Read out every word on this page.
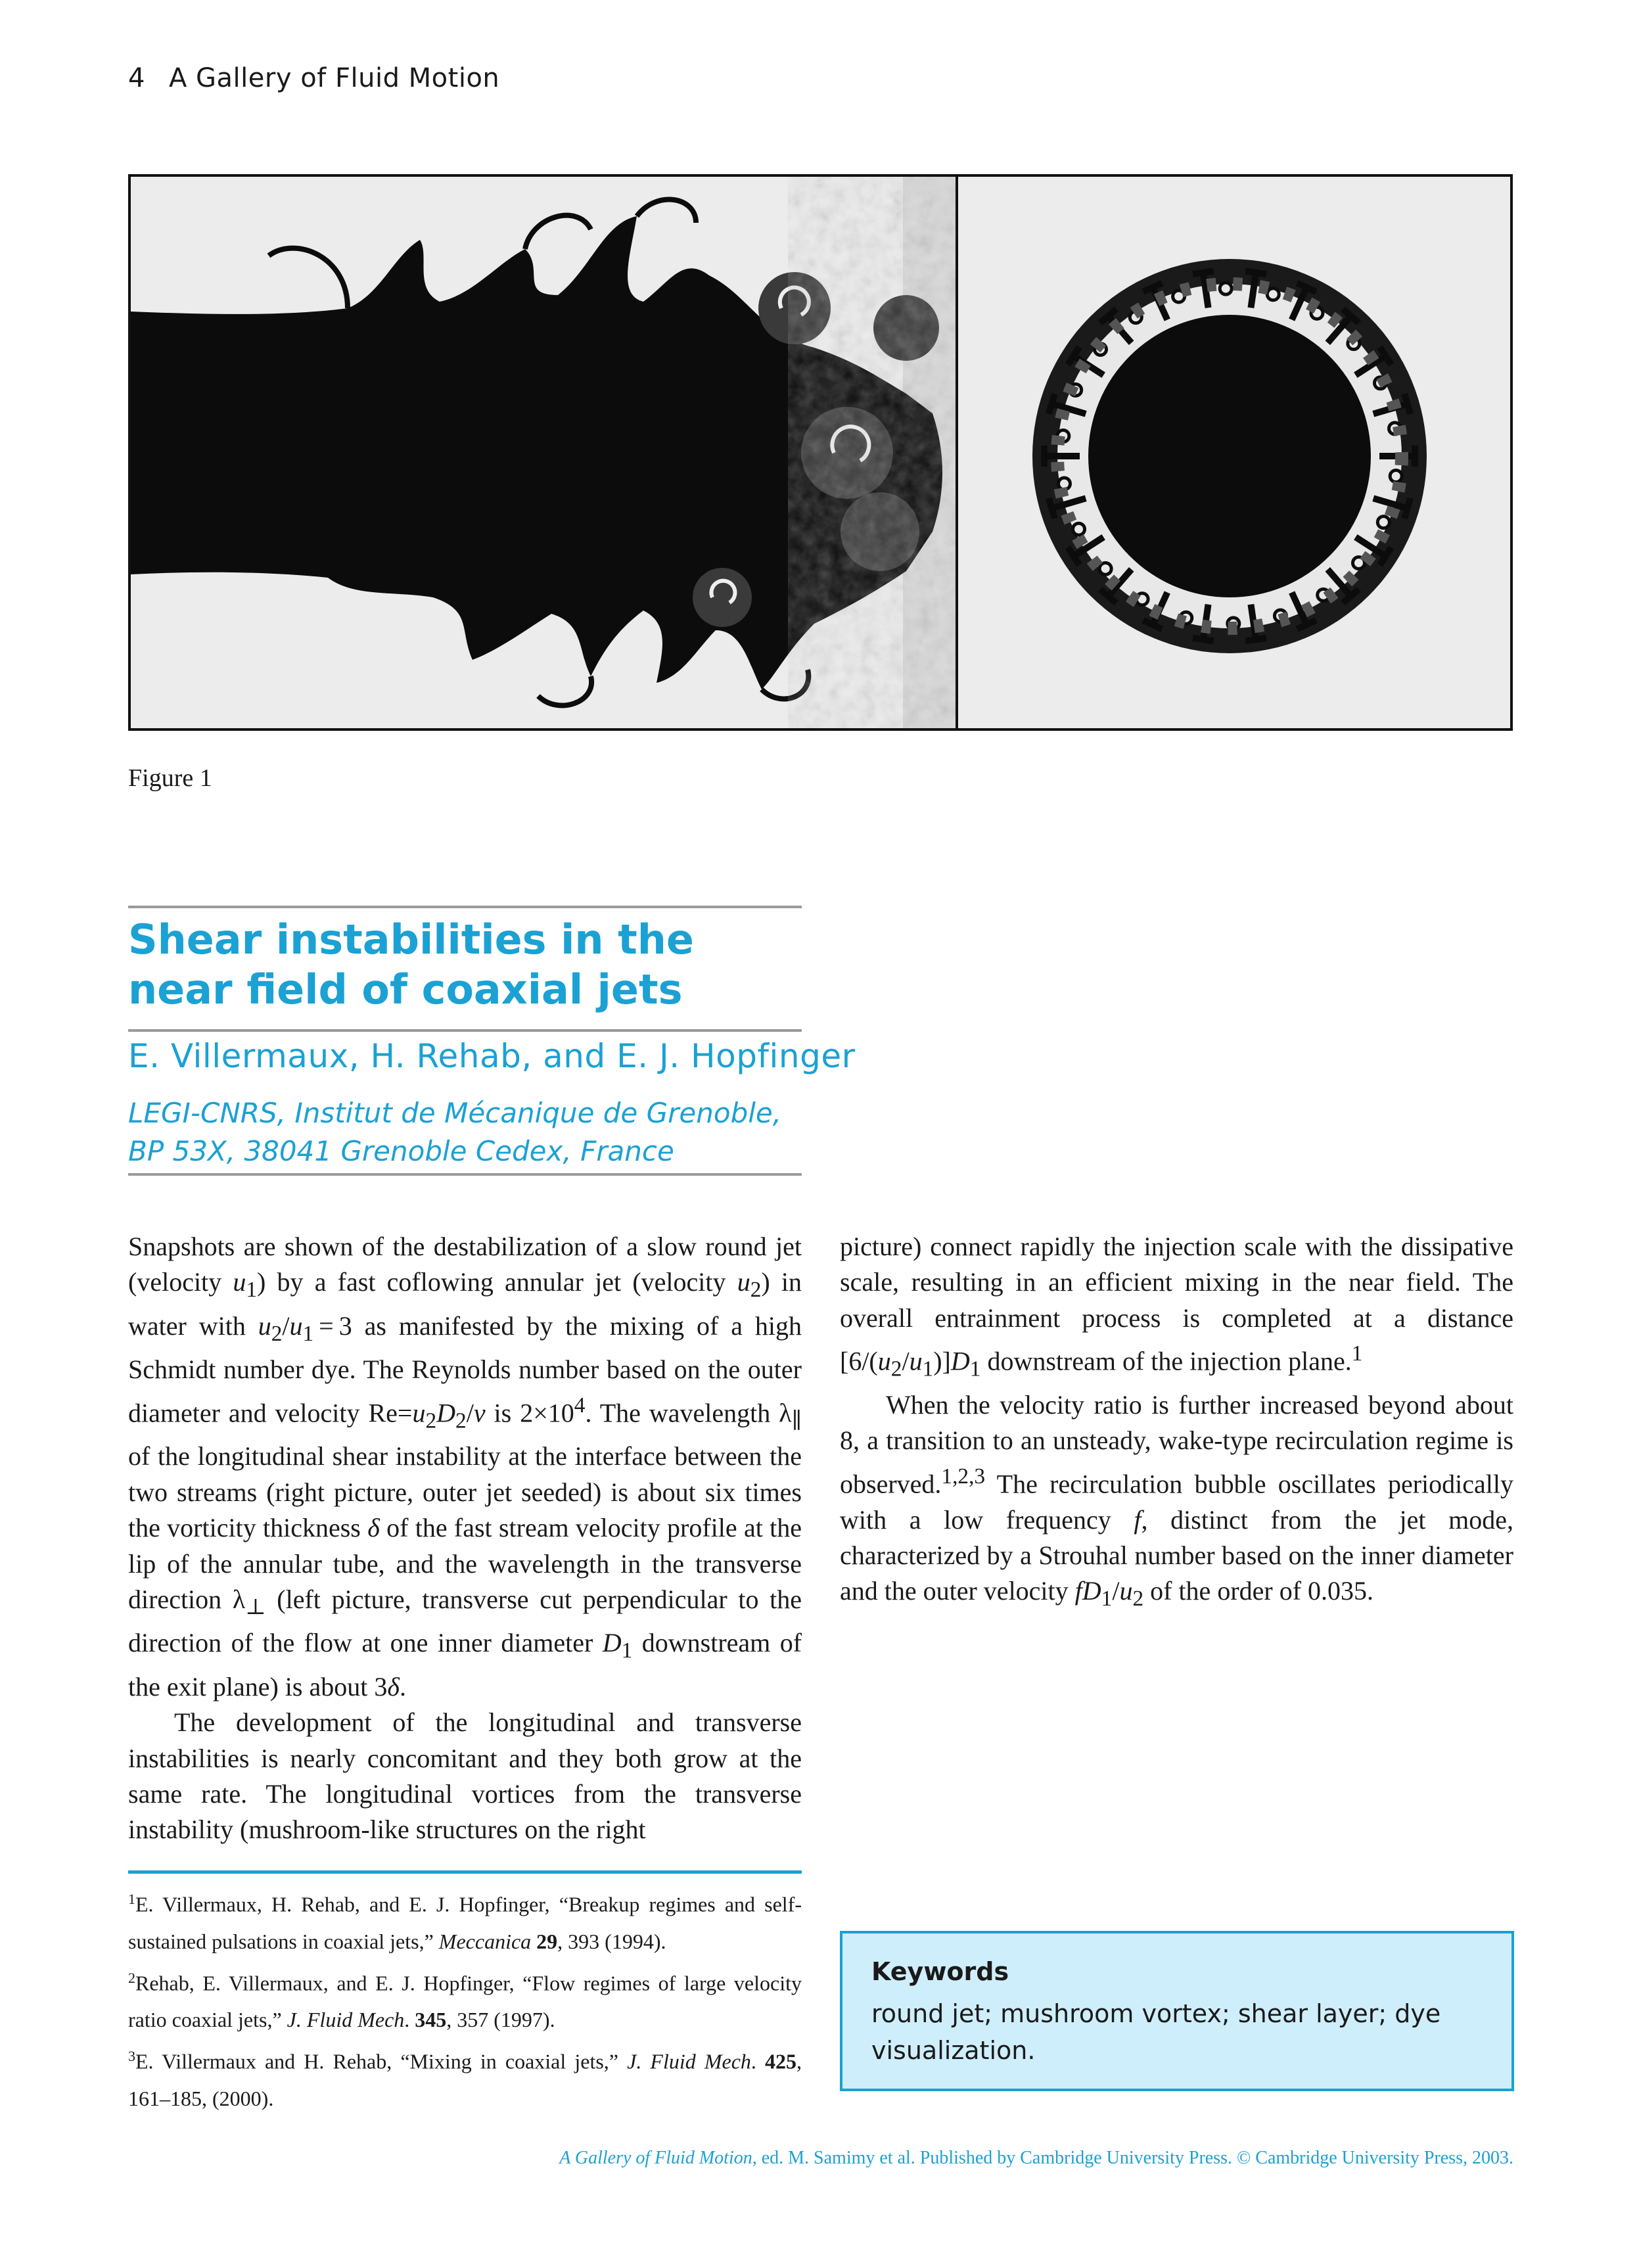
4 A Gallery of Fluid Motion
Figure 1
Shear instabilities in the near field of coaxial jets
E. Villermaux, H. Rehab, and E. J. Hopfinger
LEGI-CNRS, Institut de Mécanique de Grenoble, BP 53X, 38041 Grenoble Cedex, France

Snapshots are shown of the destabilization of a slow round jet (velocity $u_1$) by a fast coflowing annular jet (velocity $u_2$) in water with $u_2/u_1 = 3$ as manifested by the mixing of a high Schmidt number dye. The Reynolds number based on the outer diameter and velocity $Re=u_2D_2/\nu$ is $2\times 10^4$. The wavelength $\lambda_\parallel$ of the longitudinal shear instability at the interface between the two streams (right picture, outer jet seeded) is about six times the vorticity thickness δ of the fast stream velocity profile at the lip of the annular tube, and the wavelength in the transverse direction $\lambda_\perp$ (left picture, transverse cut perpendicular to the direction of the flow at one inner diameter $D_1$ downstream of the exit plane) is about 3δ.

The development of the longitudinal and transverse instabilities is nearly concomitant and they both grow at the same rate. The longitudinal vortices from the transverse instability (mushroom-like structures on the right

picture) connect rapidly the injection scale with the dissipative scale, resulting in an efficient mixing in the near field. The overall entrainment process is completed at a distance $[6/(u_2/u_1)]D_1$ downstream of the injection plane.$^1$

When the velocity ratio is further increased beyond about 8, a transition to an unsteady, wake-type recirculation regime is observed.$^{1,2,3}$ The recirculation bubble oscillates periodically with a low frequency f, distinct from the jet mode, characterized by a Strouhal number based on the inner diameter and the outer velocity $fD_1/u_2$ of the order of 0.035.

$^1$E. Villermaux, H. Rehab, and E. J. Hopfinger, “Breakup regimes and self-sustained pulsations in coaxial jets,” Meccanica 29, 393 (1994).

$^2$Rehab, E. Villermaux, and E. J. Hopfinger, “Flow regimes of large velocity ratio coaxial jets,” J. Fluid Mech. 345, 357 (1997).

$^3$E. Villermaux and H. Rehab, “Mixing in coaxial jets,” J. Fluid Mech. 425, 161–185, (2000).

Keywords
round jet; mushroom vortex; shear layer; dye visualization.
A Gallery of Fluid Motion, ed. M. Samimy et al. Published by Cambridge University Press. © Cambridge University Press, 2003.
